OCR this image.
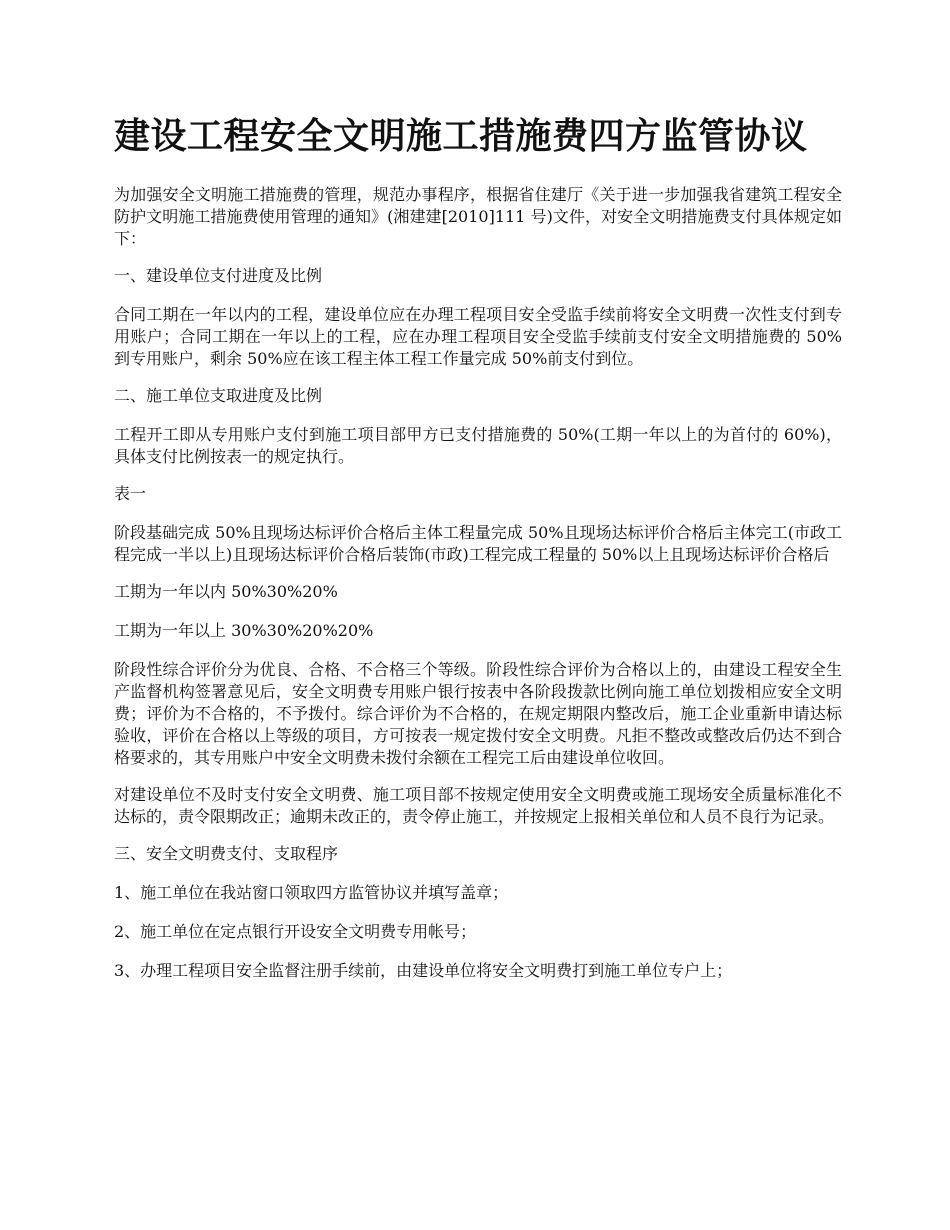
建设工程安全文明施工措施费四方监管协议

为加强安全文明施工措施费的管理，规范办事程序，根据省住建厅《关于进一步加强我省建筑工程安全防护文明施工措施费使用管理的通知》(湘建建[2010]111 号)文件，对安全文明措施费支付具体规定如下：

一、建设单位支付进度及比例

合同工期在一年以内的工程，建设单位应在办理工程项目安全受监手续前将安全文明费一次性支付到专用账户；合同工期在一年以上的工程，应在办理工程项目安全受监手续前支付安全文明措施费的 50%到专用账户，剩余 50%应在该工程主体工程工作量完成 50%前支付到位。

二、施工单位支取进度及比例

工程开工即从专用账户支付到施工项目部甲方已支付措施费的 50%(工期一年以上的为首付的 60%)，具体支付比例按表一的规定执行。

表一

阶段基础完成 50%且现场达标评价合格后主体工程量完成 50%且现场达标评价合格后主体完工(市政工程完成一半以上)且现场达标评价合格后装饰(市政)工程完成工程量的 50%以上且现场达标评价合格后

工期为一年以内 50%30%20%

工期为一年以上 30%30%20%20%

阶段性综合评价分为优良、合格、不合格三个等级。阶段性综合评价为合格以上的，由建设工程安全生产监督机构签署意见后，安全文明费专用账户银行按表中各阶段拨款比例向施工单位划拨相应安全文明费；评价为不合格的，不予拨付。综合评价为不合格的，在规定期限内整改后，施工企业重新申请达标验收，评价在合格以上等级的项目，方可按表一规定拨付安全文明费。凡拒不整改或整改后仍达不到合格要求的，其专用账户中安全文明费未拨付余额在工程完工后由建设单位收回。

对建设单位不及时支付安全文明费、施工项目部不按规定使用安全文明费或施工现场安全质量标准化不达标的，责令限期改正；逾期未改正的，责令停止施工，并按规定上报相关单位和人员不良行为记录。

三、安全文明费支付、支取程序

1、施工单位在我站窗口领取四方监管协议并填写盖章；

2、施工单位在定点银行开设安全文明费专用帐号；

3、办理工程项目安全监督注册手续前，由建设单位将安全文明费打到施工单位专户上；
